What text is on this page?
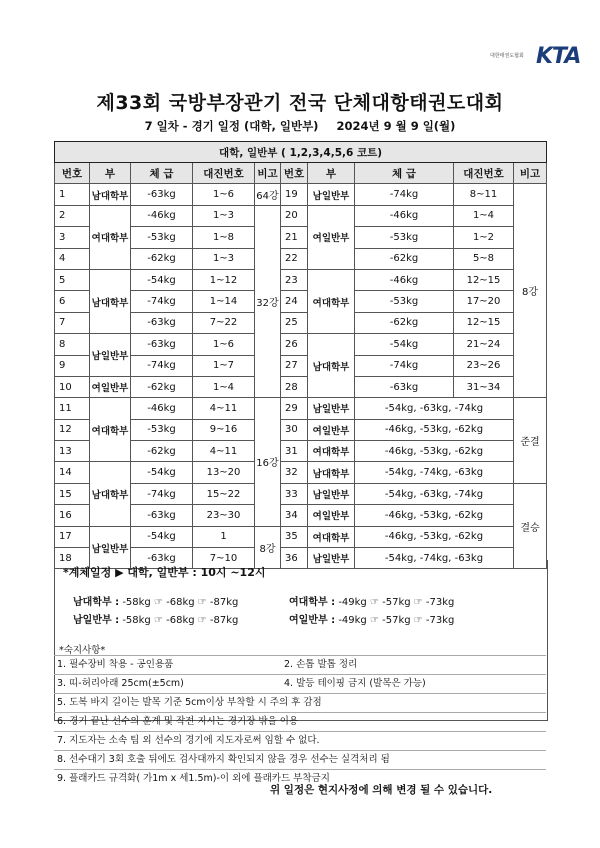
대한태권도협회 KTA
제33회 국방부장관기 전국 단체대항태권도대회
7 일차 - 경기 일정 (대학, 일반부) 2024년 9 월 9 일(월)
대학, 일반부 ( 1,2,3,4,5,6 코트)									
번호	부	체 급	대진번호	비고	번호	부	체 급	대진번호	비고
1	남대학부	-63kg	1~6	64강	19	남일반부	-74kg	8~11	8강
2	여대학부	-46kg	1~3	32강	20	여일반부	-46kg	1~4	
3		-53kg	1~8		21		-53kg	1~2	
4		-62kg	1~3		22		-62kg	5~8	
5	남대학부	-54kg	1~12		23	여대학부	-46kg	12~15	
6		-74kg	1~14		24		-53kg	17~20	
7		-63kg	7~22		25		-62kg	12~15	
8	남일반부	-63kg	1~6		26	남대학부	-54kg	21~24	
9		-74kg	1~7		27		-74kg	23~26	
10	여일반부	-62kg	1~4		28		-63kg	31~34	
11	여대학부	-46kg	4~11	16강	29	남일반부	-54kg, -63kg, -74kg		준결
12		-53kg	9~16		30	여일반부	-46kg, -53kg, -62kg		
13		-62kg	4~11		31	여대학부	-46kg, -53kg, -62kg		
14	남대학부	-54kg	13~20		32	남대학부	-54kg, -74kg, -63kg		
15		-74kg	15~22		33	남일반부	-54kg, -63kg, -74kg		결승
16		-63kg	23~30		34	여일반부	-46kg, -53kg, -62kg		
17	남일반부	-54kg	1	8강	35	여대학부	-46kg, -53kg, -62kg		
18		-63kg	7~10		36	남일반부	-54kg, -74kg, -63kg		
*계체일정 ▶ 대학, 일반부 : 10시 ~12시
남대학부 : -58kg ☞ -68kg ☞ -87kg	여대학부 : -49kg ☞ -57kg ☞ -73kg
남일반부 : -58kg ☞ -68kg ☞ -87kg	여일반부 : -49kg ☞ -57kg ☞ -73kg
*숙지사항*
1. 필수장비 착용 - 공인용품	2. 손톱 발톱 정리
3. 띠-허리아래 25cm(±5cm)	4. 발등 테이핑 금지 (발목은 가능)
5. 도복 바지 길이는 발목 기준 5cm이상 부착할 시 주의 후 감점
6. 경기 끝난 선수의 훈계 및 작전 지시는 경기장 밖을 이용
7. 지도자는 소속 팀 외 선수의 경기에 지도자로써 임할 수 없다.
8. 선수대기 3회 호출 뒤에도 검사대까지 확인되지 않을 경우 선수는 실격처리 됨
9. 플래카드 규격화( 가1m x 세1.5m)-이 외에 플래카드 부착금지
위 일정은 현지사정에 의해 변경 될 수 있습니다.
